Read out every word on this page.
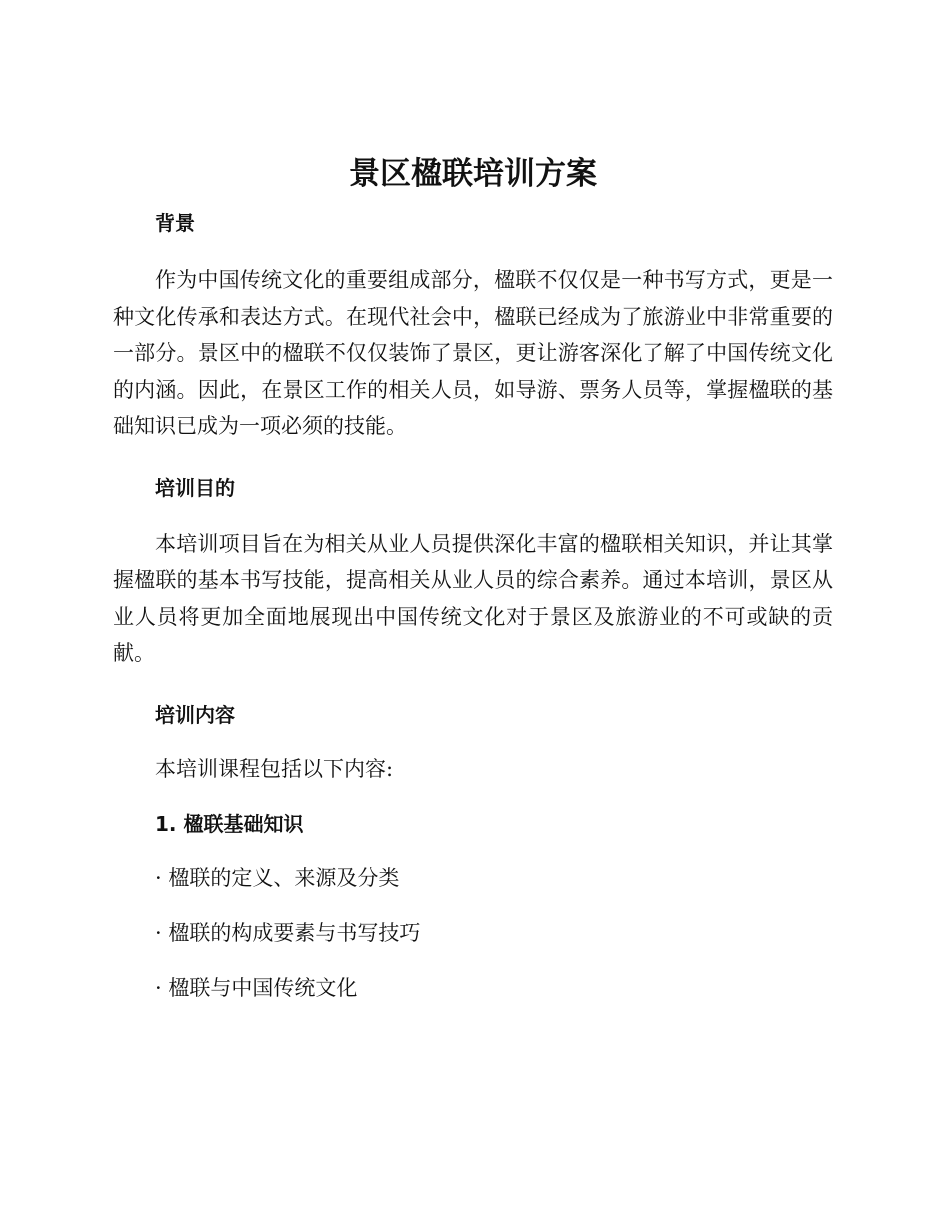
景区楹联培训方案
背景

作为中国传统文化的重要组成部分，楹联不仅仅是一种书写方式，更是一种文化传承和表达方式。在现代社会中，楹联已经成为了旅游业中非常重要的一部分。景区中的楹联不仅仅装饰了景区，更让游客深化了解了中国传统文化的内涵。因此，在景区工作的相关人员，如导游、票务人员等，掌握楹联的基础知识已成为一项必须的技能。

培训目的

本培训项目旨在为相关从业人员提供深化丰富的楹联相关知识，并让其掌握楹联的基本书写技能，提高相关从业人员的综合素养。通过本培训，景区从业人员将更加全面地展现出中国传统文化对于景区及旅游业的不可或缺的贡献。

培训内容

本培训课程包括以下内容:

1. 楹联基础知识

· 楹联的定义、来源及分类

· 楹联的构成要素与书写技巧

· 楹联与中国传统文化
